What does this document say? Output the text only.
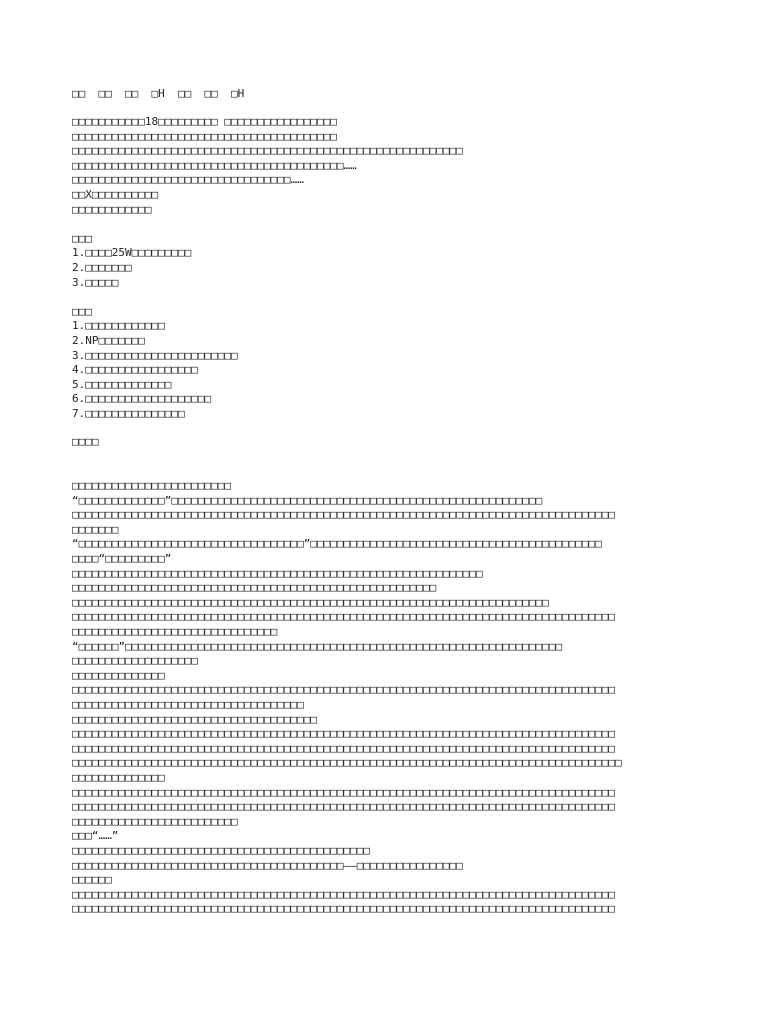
□□  □□  □□  □H  □□  □□  □H
□□□□□□□□□□□18□□□□□□□□□ □□□□□□□□□□□□□□□□□
□□□□□□□□□□□□□□□□□□□□□□□□□□□□□□□□□□□□□□□□
□□□□□□□□□□□□□□□□□□□□□□□□□□□□□□□□□□□□□□□□□□□□□□□□□□□□□□□□□□□
□□□□□□□□□□□□□□□□□□□□□□□□□□□□□□□□□□□□□□□□□……
□□□□□□□□□□□□□□□□□□□□□□□□□□□□□□□□□……
□□X□□□□□□□□□□
□□□□□□□□□□□□
□□□
1.□□□□25W□□□□□□□□□
2.□□□□□□□
3.□□□□□
□□□
1.□□□□□□□□□□□□
2.NP□□□□□□□
3.□□□□□□□□□□□□□□□□□□□□□□□
4.□□□□□□□□□□□□□□□□□
5.□□□□□□□□□□□□□
6.□□□□□□□□□□□□□□□□□□□
7.□□□□□□□□□□□□□□□
□□□□
□□□□□□□□□□□□□□□□□□□□□□□□
“□□□□□□□□□□□□□”□□□□□□□□□□□□□□□□□□□□□□□□□□□□□□□□□□□□□□□□□□□□□□□□□□□□□□□□
□□□□□□□□□□□□□□□□□□□□□□□□□□□□□□□□□□□□□□□□□□□□□□□□□□□□□□□□□□□□□□□□□□□□□□□□□□□□□□□□□□
□□□□□□□
“□□□□□□□□□□□□□□□□□□□□□□□□□□□□□□□□□□”□□□□□□□□□□□□□□□□□□□□□□□□□□□□□□□□□□□□□□□□□□□□
□□□□“□□□□□□□□□”
□□□□□□□□□□□□□□□□□□□□□□□□□□□□□□□□□□□□□□□□□□□□□□□□□□□□□□□□□□□□□□
□□□□□□□□□□□□□□□□□□□□□□□□□□□□□□□□□□□□□□□□□□□□□□□□□□□□□□□
□□□□□□□□□□□□□□□□□□□□□□□□□□□□□□□□□□□□□□□□□□□□□□□□□□□□□□□□□□□□□□□□□□□□□□□□
□□□□□□□□□□□□□□□□□□□□□□□□□□□□□□□□□□□□□□□□□□□□□□□□□□□□□□□□□□□□□□□□□□□□□□□□□□□□□□□□□□
□□□□□□□□□□□□□□□□□□□□□□□□□□□□□□□
“□□□□□□”□□□□□□□□□□□□□□□□□□□□□□□□□□□□□□□□□□□□□□□□□□□□□□□□□□□□□□□□□□□□□□□□□□
□□□□□□□□□□□□□□□□□□□
□□□□□□□□□□□□□□
□□□□□□□□□□□□□□□□□□□□□□□□□□□□□□□□□□□□□□□□□□□□□□□□□□□□□□□□□□□□□□□□□□□□□□□□□□□□□□□□□□
□□□□□□□□□□□□□□□□□□□□□□□□□□□□□□□□□□□
□□□□□□□□□□□□□□□□□□□□□□□□□□□□□□□□□□□□□
□□□□□□□□□□□□□□□□□□□□□□□□□□□□□□□□□□□□□□□□□□□□□□□□□□□□□□□□□□□□□□□□□□□□□□□□□□□□□□□□□□
□□□□□□□□□□□□□□□□□□□□□□□□□□□□□□□□□□□□□□□□□□□□□□□□□□□□□□□□□□□□□□□□□□□□□□□□□□□□□□□□□□
□□□□□□□□□□□□□□□□□□□□□□□□□□□□□□□□□□□□□□□□□□□□□□□□□□□□□□□□□□□□□□□□□□□□□□□□□□□□□□□□□□□
□□□□□□□□□□□□□□
□□□□□□□□□□□□□□□□□□□□□□□□□□□□□□□□□□□□□□□□□□□□□□□□□□□□□□□□□□□□□□□□□□□□□□□□□□□□□□□□□□
□□□□□□□□□□□□□□□□□□□□□□□□□□□□□□□□□□□□□□□□□□□□□□□□□□□□□□□□□□□□□□□□□□□□□□□□□□□□□□□□□□
□□□□□□□□□□□□□□□□□□□□□□□□□
□□□“……”
□□□□□□□□□□□□□□□□□□□□□□□□□□□□□□□□□□□□□□□□□□□□□
□□□□□□□□□□□□□□□□□□□□□□□□□□□□□□□□□□□□□□□□□——□□□□□□□□□□□□□□□□
□□□□□□
□□□□□□□□□□□□□□□□□□□□□□□□□□□□□□□□□□□□□□□□□□□□□□□□□□□□□□□□□□□□□□□□□□□□□□□□□□□□□□□□□□
□□□□□□□□□□□□□□□□□□□□□□□□□□□□□□□□□□□□□□□□□□□□□□□□□□□□□□□□□□□□□□□□□□□□□□□□□□□□□□□□□□
